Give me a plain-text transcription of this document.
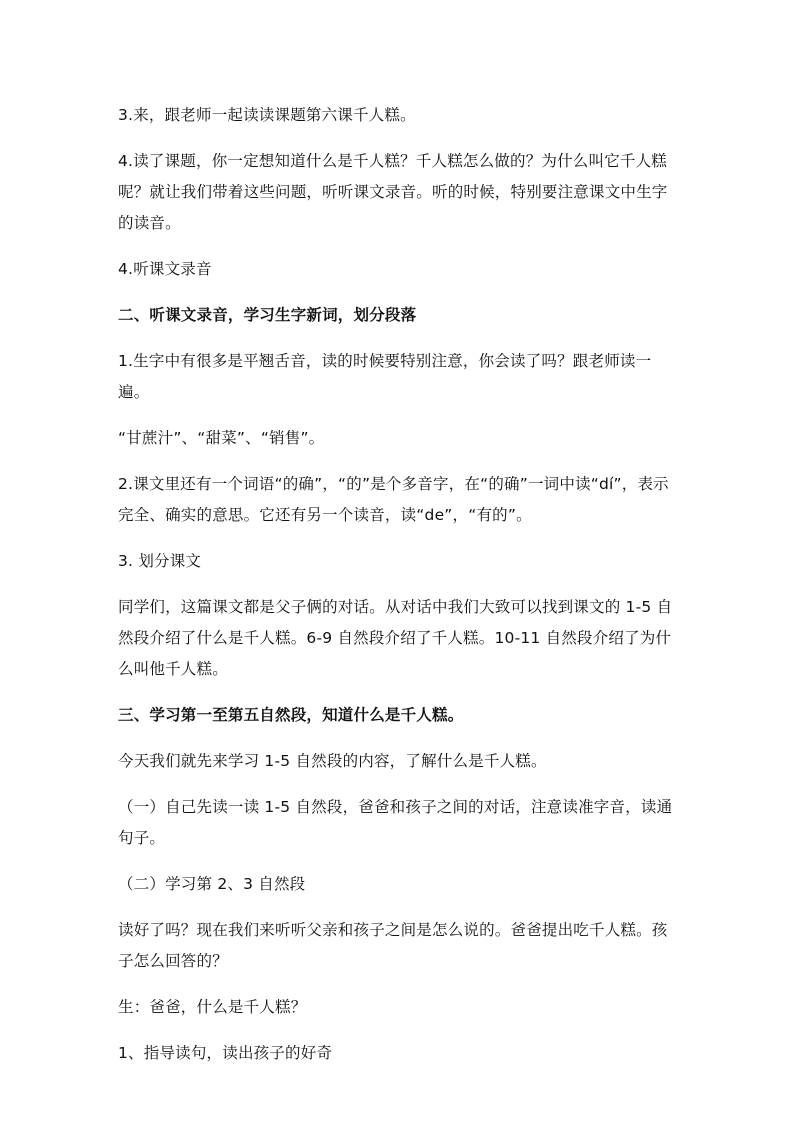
3.来，跟老师一起读读课题第六课千人糕。

4.读了课题，你一定想知道什么是千人糕？千人糕怎么做的？为什么叫它千人糕呢？就让我们带着这些问题，听听课文录音。听的时候，特别要注意课文中生字的读音。

4.听课文录音

二、听课文录音，学习生字新词，划分段落

1.生字中有很多是平翘舌音，读的时候要特别注意，你会读了吗？跟老师读一遍。

“甘蔗汁”、“甜菜”、“销售”。

2.课文里还有一个词语“的确”，“的”是个多音字，在“的确”一词中读“dí”，表示完全、确实的意思。它还有另一个读音，读“de”，“有的”。

3. 划分课文

同学们，这篇课文都是父子俩的对话。从对话中我们大致可以找到课文的 1-5 自然段介绍了什么是千人糕。6-9 自然段介绍了千人糕。10-11 自然段介绍了为什么叫他千人糕。

三、学习第一至第五自然段，知道什么是千人糕。

今天我们就先来学习 1-5 自然段的内容，了解什么是千人糕。

（一）自己先读一读 1-5 自然段，爸爸和孩子之间的对话，注意读准字音，读通句子。

（二）学习第 2、3 自然段

读好了吗？现在我们来听听父亲和孩子之间是怎么说的。爸爸提出吃千人糕。孩子怎么回答的？

生：爸爸，什么是千人糕？

1、指导读句，读出孩子的好奇
